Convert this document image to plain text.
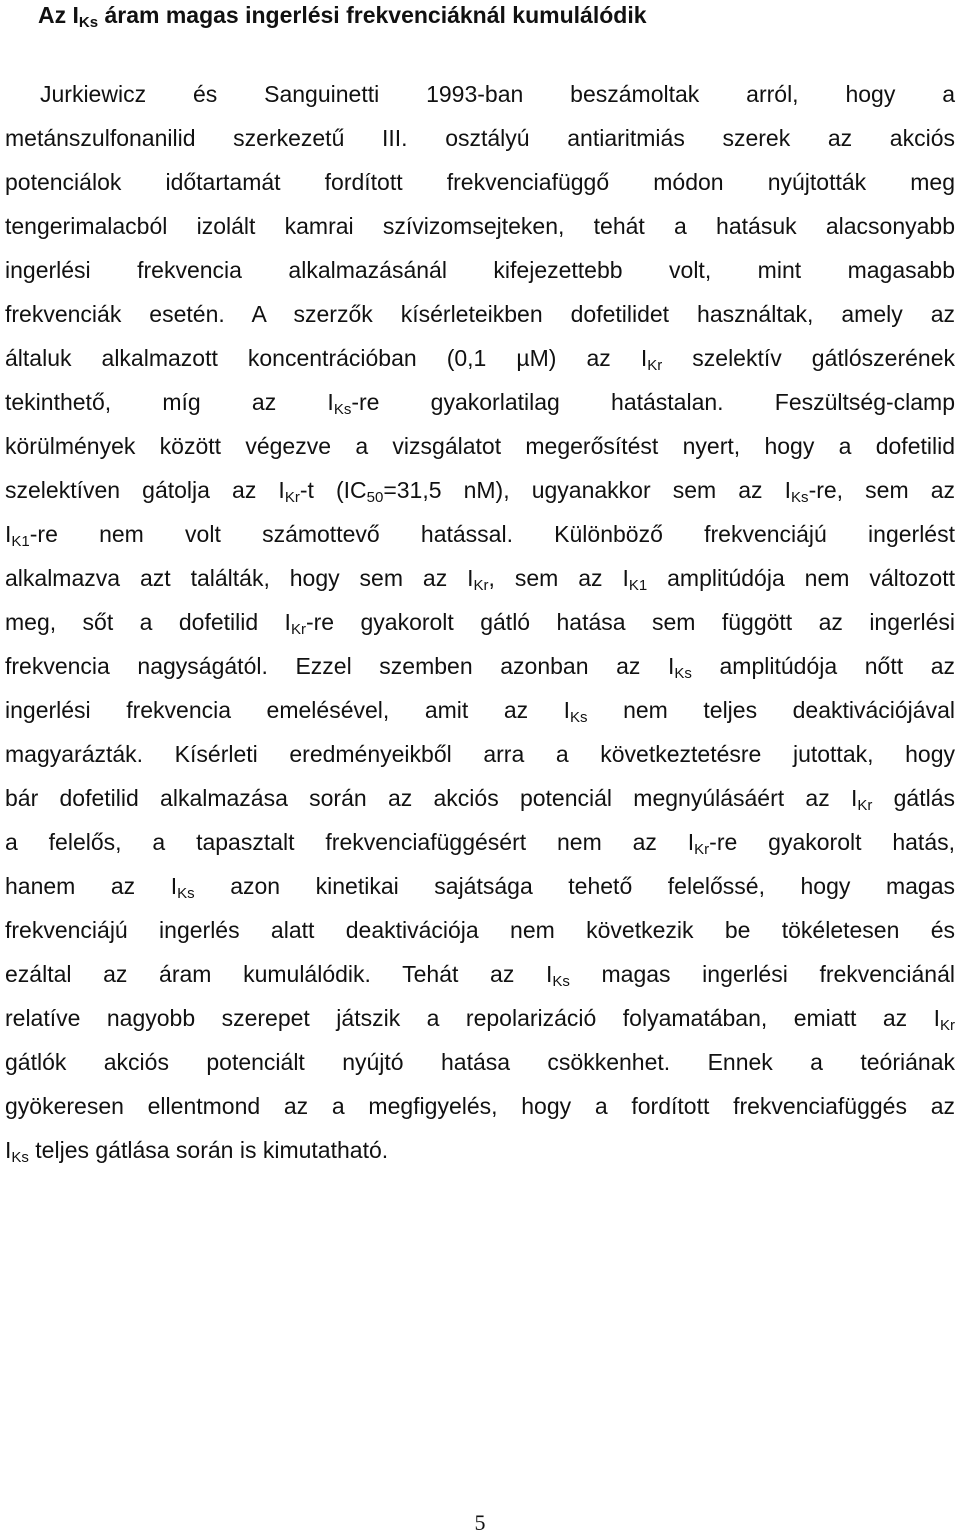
Az IKs áram magas ingerlési frekvenciáknál kumulálódik
Jurkiewicz és Sanguinetti 1993-ban beszámoltak arról, hogy a
metánszulfonanilid szerkezetű III. osztályú antiaritmiás szerek az akciós
potenciálok időtartamát fordított frekvenciafüggő módon nyújtották meg
tengerimalacból izolált kamrai szívizomsejteken, tehát a hatásuk alacsonyabb
ingerlési frekvencia alkalmazásánál kifejezettebb volt, mint magasabb
frekvenciák esetén. A szerzők kísérleteikben dofetilidet használtak, amely az
általuk alkalmazott koncentrációban (0,1 µM) az IKr szelektív gátlószerének
tekinthető, míg az IKs-re gyakorlatilag hatástalan. Feszültség-clamp
körülmények között végezve a vizsgálatot megerősítést nyert, hogy a dofetilid
szelektíven gátolja az IKr-t (IC50=31,5 nM), ugyanakkor sem az IKs-re, sem az
IK1-re nem volt számottevő hatással. Különböző frekvenciájú ingerlést
alkalmazva azt találták, hogy sem az IKr, sem az IK1 amplitúdója nem változott
meg, sőt a dofetilid IKr-re gyakorolt gátló hatása sem függött az ingerlési
frekvencia nagyságától. Ezzel szemben azonban az IKs amplitúdója nőtt az
ingerlési frekvencia emelésével, amit az IKs nem teljes deaktivációjával
magyarázták. Kísérleti eredményeikből arra a következtetésre jutottak, hogy
bár dofetilid alkalmazása során az akciós potenciál megnyúlásáért az IKr gátlás
a felelős, a tapasztalt frekvenciafüggésért nem az IKr-re gyakorolt hatás,
hanem az IKs azon kinetikai sajátsága tehető felelőssé, hogy magas
frekvenciájú ingerlés alatt deaktivációja nem következik be tökéletesen és
ezáltal az áram kumulálódik. Tehát az IKs magas ingerlési frekvenciánál
relatíve nagyobb szerepet játszik a repolarizáció folyamatában, emiatt az IKr
gátlók akciós potenciált nyújtó hatása csökkenhet. Ennek a teóriának
gyökeresen ellentmond az a megfigyelés, hogy a fordított frekvenciafüggés az
IKs teljes gátlása során is kimutatható.
5
